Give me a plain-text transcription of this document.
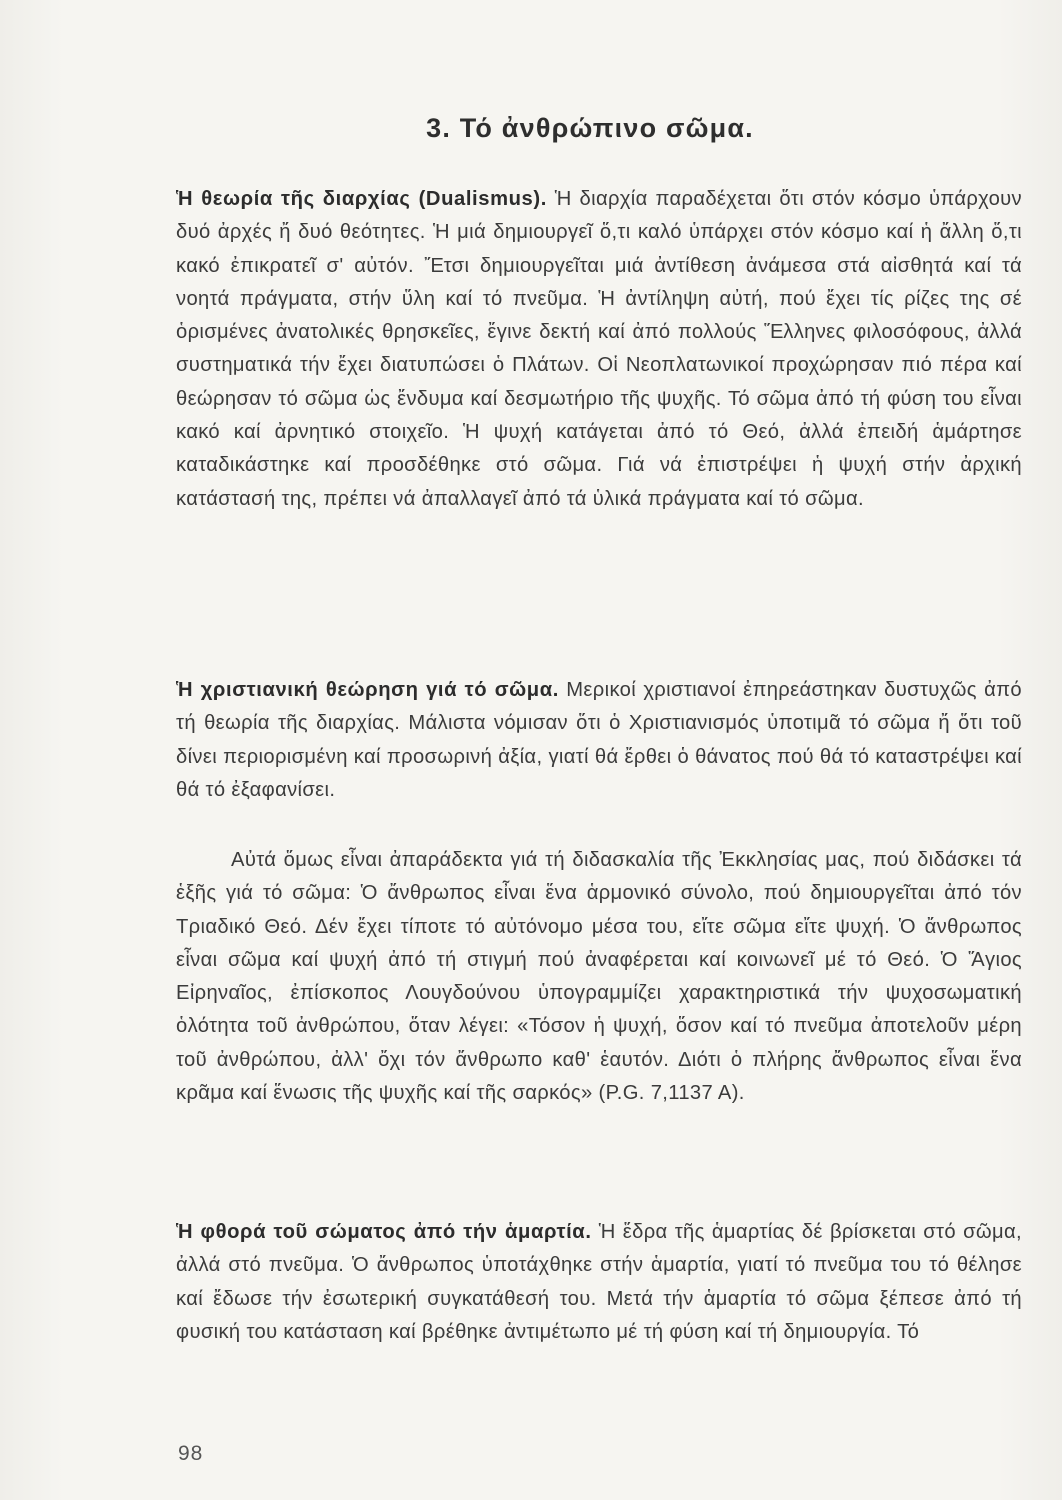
3. Τό ἀνθρώπινο σῶμα.

Ἡ θεωρία τῆς διαρχίας (Dualismus). Ἡ διαρχία παραδέχεται ὅτι στόν κόσμο ὑπάρχουν δυό ἀρχές ἤ δυό θεότητες. Ἡ μιά δημιουργεῖ ὅ,τι καλό ὑπάρχει στόν κόσμο καί ἡ ἄλλη ὅ,τι κακό ἐπικρατεῖ σ' αὐτόν. Ἔτσι δημιουργεῖται μιά ἀντίθεση ἀνάμεσα στά αἰσθητά καί τά νοητά πράγματα, στήν ὕλη καί τό πνεῦμα. Ἡ ἀντίληψη αὐτή, πού ἔχει τίς ρίζες της σέ ὁρισμένες ἀνατολικές θρησκεῖες, ἔγινε δεκτή καί ἀπό πολλούς Ἕλληνες φιλοσόφους, ἀλλά συστηματικά τήν ἔχει διατυπώσει ὁ Πλάτων. Οἱ Νεοπλατωνικοί προχώρησαν πιό πέρα καί θεώρησαν τό σῶμα ὡς ἔνδυμα καί δεσμωτήριο τῆς ψυχῆς. Τό σῶμα ἀπό τή φύση του εἶναι κακό καί ἀρνητικό στοιχεῖο. Ἡ ψυχή κατάγεται ἀπό τό Θεό, ἀλλά ἐπειδή ἁμάρτησε καταδικάστηκε καί προσδέθηκε στό σῶμα. Γιά νά ἐπιστρέψει ἡ ψυχή στήν ἀρχική κατάστασή της, πρέπει νά ἀπαλλαγεῖ ἀπό τά ὑλικά πράγματα καί τό σῶμα.

Ἡ χριστιανική θεώρηση γιά τό σῶμα. Μερικοί χριστιανοί ἐπηρεάστηκαν δυστυχῶς ἀπό τή θεωρία τῆς διαρχίας. Μάλιστα νόμισαν ὅτι ὁ Χριστιανισμός ὑποτιμᾶ τό σῶμα ἤ ὅτι τοῦ δίνει περιορισμένη καί προσωρινή ἀξία, γιατί θά ἔρθει ὁ θάνατος πού θά τό καταστρέψει καί θά τό ἐξαφανίσει.

Αὐτά ὅμως εἶναι ἀπαράδεκτα γιά τή διδασκαλία τῆς Ἐκκλησίας μας, πού διδάσκει τά ἑξῆς γιά τό σῶμα: Ὁ ἄνθρωπος εἶναι ἕνα ἁρμονικό σύνολο, πού δημιουργεῖται ἀπό τόν Τριαδικό Θεό. Δέν ἔχει τίποτε τό αὐτόνομο μέσα του, εἴτε σῶμα εἴτε ψυχή. Ὁ ἄνθρωπος εἶναι σῶμα καί ψυχή ἀπό τή στιγμή πού ἀναφέρεται καί κοινωνεῖ μέ τό Θεό. Ὁ Ἅγιος Εἰρηναῖος, ἐπίσκοπος Λουγδούνου ὑπογραμμίζει χαρακτηριστικά τήν ψυχοσωματική ὁλότητα τοῦ ἀνθρώπου, ὅταν λέγει: «Τόσον ἡ ψυχή, ὅσον καί τό πνεῦμα ἀποτελοῦν μέρη τοῦ ἀνθρώπου, ἀλλ' ὄχι τόν ἄνθρωπο καθ' ἑαυτόν. Διότι ὁ πλήρης ἄνθρωπος εἶναι ἕνα κρᾶμα καί ἕνωσις τῆς ψυχῆς καί τῆς σαρκός» (P.G. 7,1137 A).

Ἡ φθορά τοῦ σώματος ἀπό τήν ἁμαρτία. Ἡ ἕδρα τῆς ἁμαρτίας δέ βρίσκεται στό σῶμα, ἀλλά στό πνεῦμα. Ὁ ἄνθρωπος ὑποτάχθηκε στήν ἁμαρτία, γιατί τό πνεῦμα του τό θέλησε καί ἔδωσε τήν ἐσωτερική συγκατάθεσή του. Μετά τήν ἁμαρτία τό σῶμα ξέπεσε ἀπό τή φυσική του κατάσταση καί βρέθηκε ἀντιμέτωπο μέ τή φύση καί τή δημιουργία. Τό

98
